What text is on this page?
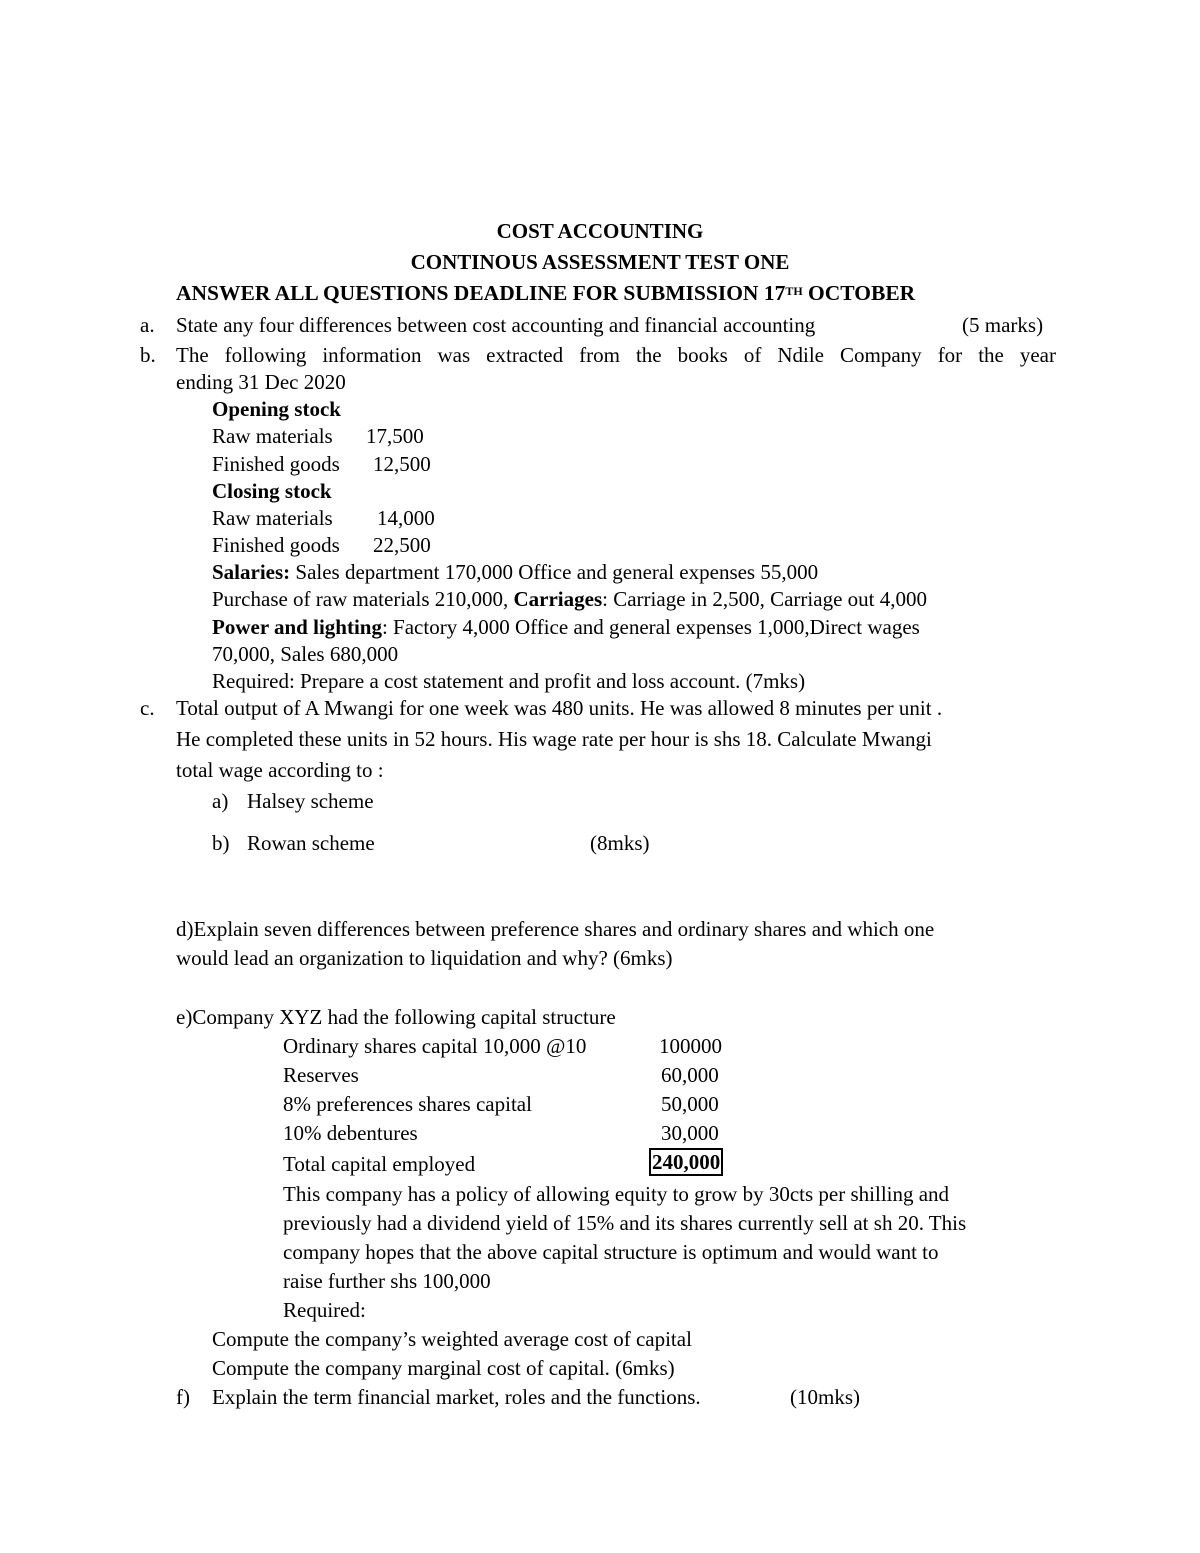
COST ACCOUNTING
CONTINOUS ASSESSMENT TEST ONE
ANSWER ALL QUESTIONS DEADLINE FOR SUBMISSION 17TH OCTOBER
a. State any four differences between cost accounting and financial accounting	(5 marks)
b. The following information was extracted from the books of Ndile Company for the year
ending 31 Dec 2020
Opening stock
Raw materials 17,500
Finished goods 12,500
Closing stock
Raw materials 14,000
Finished goods 22,500
Salaries: Sales department 170,000 Office and general expenses 55,000
Purchase of raw materials 210,000, Carriages: Carriage in 2,500, Carriage out 4,000
Power and lighting: Factory 4,000 Office and general expenses 1,000,Direct wages
70,000, Sales 680,000
Required: Prepare a cost statement and profit and loss account. (7mks)
c. Total output of A Mwangi for one week was 480 units. He was allowed 8 minutes per unit .
He completed these units in 52 hours. His wage rate per hour is shs 18. Calculate Mwangi
total wage according to :
a) Halsey scheme
b) Rowan scheme	(8mks)
d)Explain seven differences between preference shares and ordinary shares and which one
would lead an organization to liquidation and why? (6mks)
e)Company XYZ had the following capital structure
Ordinary shares capital 10,000 @10	100000
Reserves	60,000
8% preferences shares capital	50,000
10% debentures	30,000
Total capital employed	240,000
This company has a policy of allowing equity to grow by 30cts per shilling and
previously had a dividend yield of 15% and its shares currently sell at sh 20. This
company hopes that the above capital structure is optimum and would want to
raise further shs 100,000
Required:
Compute the company’s weighted average cost of capital
Compute the company marginal cost of capital. (6mks)
f) Explain the term financial market, roles and the functions.	(10mks)
